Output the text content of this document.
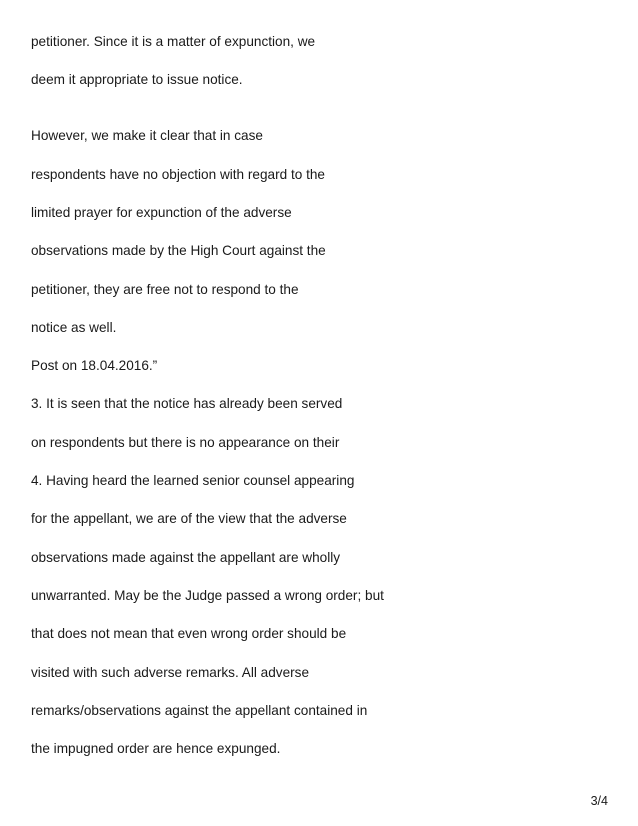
petitioner. Since it is a matter of expunction, we
deem it appropriate to issue notice.
However, we make it clear that in case
respondents have no objection with regard to the
limited prayer for expunction of the adverse
observations made by the High Court against the
petitioner, they are free not to respond to the
notice as well.
Post on 18.04.2016.”
3. It is seen that the notice has already been served
on respondents but there is no appearance on their
4. Having heard the learned senior counsel appearing
for the appellant, we are of the view that the adverse
observations made against the appellant are wholly
unwarranted. May be the Judge passed a wrong order; but
that does not mean that even wrong order should be
visited with such adverse remarks. All adverse
remarks/observations against the appellant contained in
the impugned order are hence expunged.
3/4
